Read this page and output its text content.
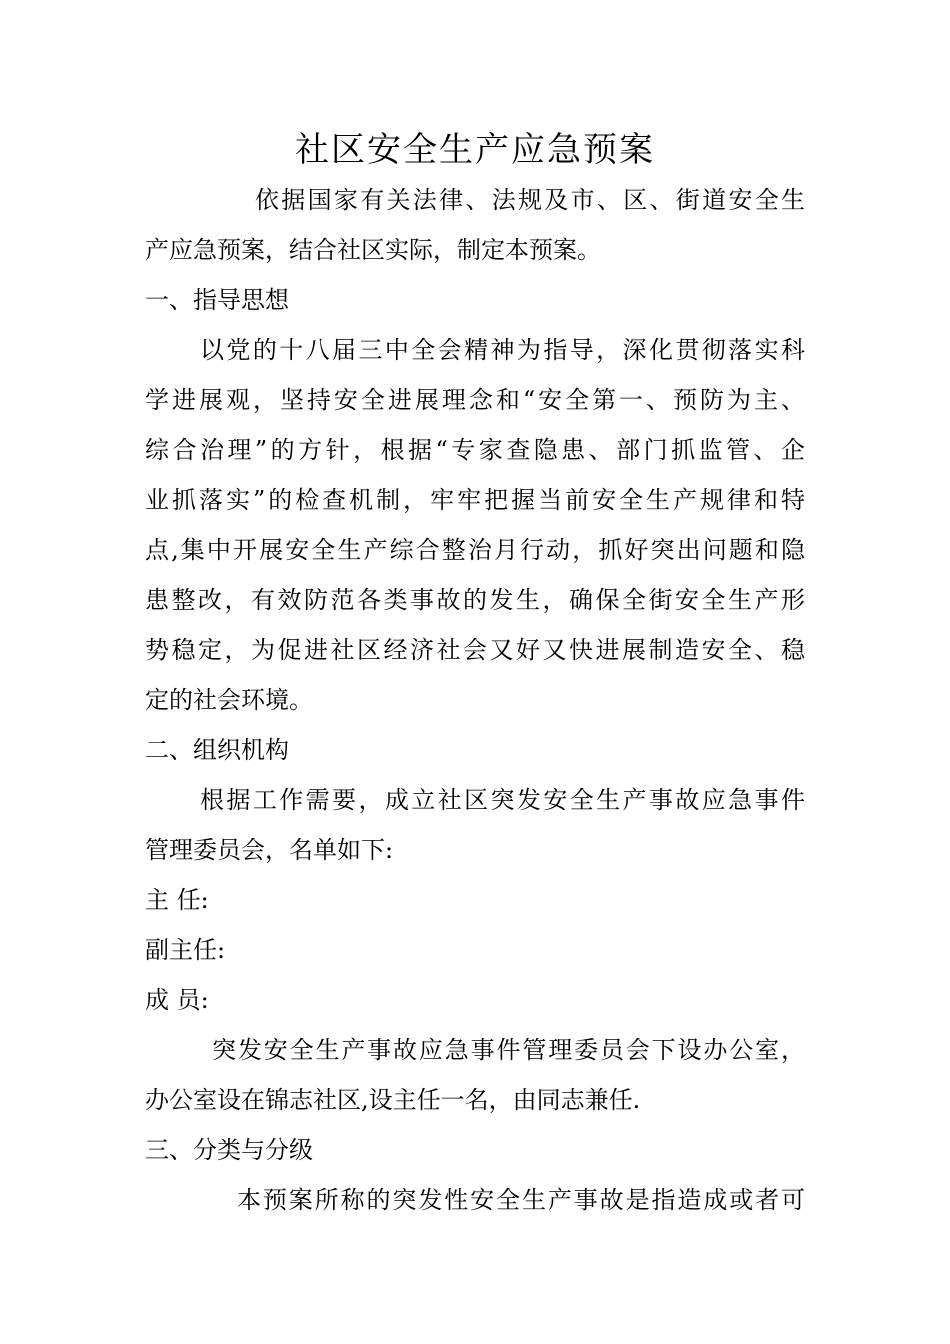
社区安全生产应急预案

依据国家有关法律、法规及市、区、街道安全生

产应急预案，结合社区实际，制定本预案。

一、指导思想

以党的十八届三中全会精神为指导，深化贯彻落实科

学进展观，坚持安全进展理念和“安全第一、预防为主、

综合治理”的方针，根据“专家查隐患、部门抓监管、企

业抓落实”的检查机制，牢牢把握当前安全生产规律和特

点,集中开展安全生产综合整治月行动，抓好突出问题和隐

患整改，有效防范各类事故的发生，确保全街安全生产形

势稳定，为促进社区经济社会又好又快进展制造安全、稳

定的社会环境。

二、组织机构

根据工作需要，成立社区突发安全生产事故应急事件

管理委员会，名单如下:

主 任:

副主任:

成 员:

突发安全生产事故应急事件管理委员会下设办公室，

办公室设在锦志社区,设主任一名，由同志兼任.

三、分类与分级

本预案所称的突发性安全生产事故是指造成或者可
